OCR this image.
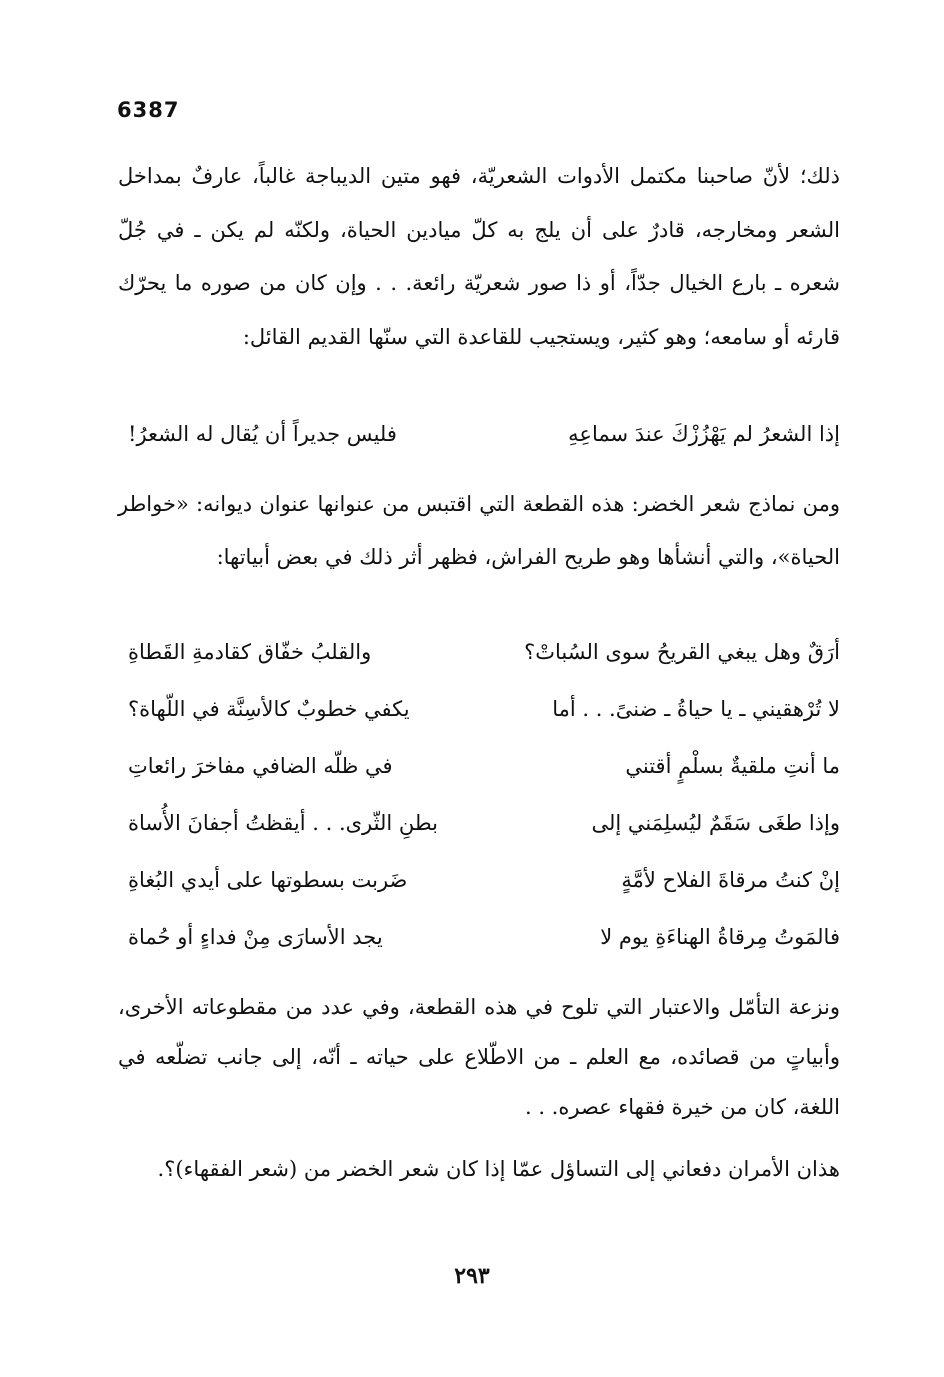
6387

ذلك؛ لأنّ صاحبنا مكتمل الأدوات الشعريّة، فهو متين الديباجة غالباً، عارفٌ بمداخل الشعر ومخارجه، قادرٌ على أن يلج به كلّ ميادين الحياة، ولكنّه لم يكن ـ في جُلّ شعره ـ بارع الخيال جدّاً، أو ذا صور شعريّة رائعة. . . وإن كان من صوره ما يحرّك قارئه أو سامعه؛ وهو كثير، ويستجيب للقاعدة التي سنّها القديم القائل:

إذا الشعرُ لم يَهْزُزْكَ عندَ سماعِهِ
فليس جديراً أن يُقال له الشعرُ!

ومن نماذج شعر الخضر: هذه القطعة التي اقتبس من عنوانها عنوان ديوانه: «خواطر الحياة»، والتي أنشأها وهو طريح الفراش، فظهر أثر ذلك في بعض أبياتها:

أرَقٌ وهل يبغي القريحُ سوى السُباتْ؟
والقلبُ خفّاق كقادمةِ القَطاةِ
لا تُرْهقيني ـ يا حياةُ ـ ضنىً. . . أما
يكفي خطوبٌ كالأسِنَّة في اللّهاة؟
ما أنتِ ملقيةٌ بسلْمٍ أقتني
في ظلّه الضافي مفاخرَ رائعاتِ
وإذا طغَى سَقَمٌ ليُسلِمَني إلى
بطنِ الثّرى. . . أيقظتُ أجفانَ الأُساة
إنْ كنتُ مرقاةَ الفلاح لأمَّةٍ
ضَربت بسطوتها على أيدي البُغاةِ
فالمَوتُ مِرقاةُ الهناءَةِ يوم لا
يجد الأسارَى مِنْ فداءٍ أو حُماة

ونزعة التأمّل والاعتبار التي تلوح في هذه القطعة، وفي عدد من مقطوعاته الأخرى، وأبياتٍ من قصائده، مع العلم ـ من الاطّلاع على حياته ـ أنّه، إلى جانب تضلّعه في اللغة، كان من خيرة فقهاء عصره. . .

هذان الأمران دفعاني إلى التساؤل عمّا إذا كان شعر الخضر من (شعر الفقهاء)؟.

٢٩٣
